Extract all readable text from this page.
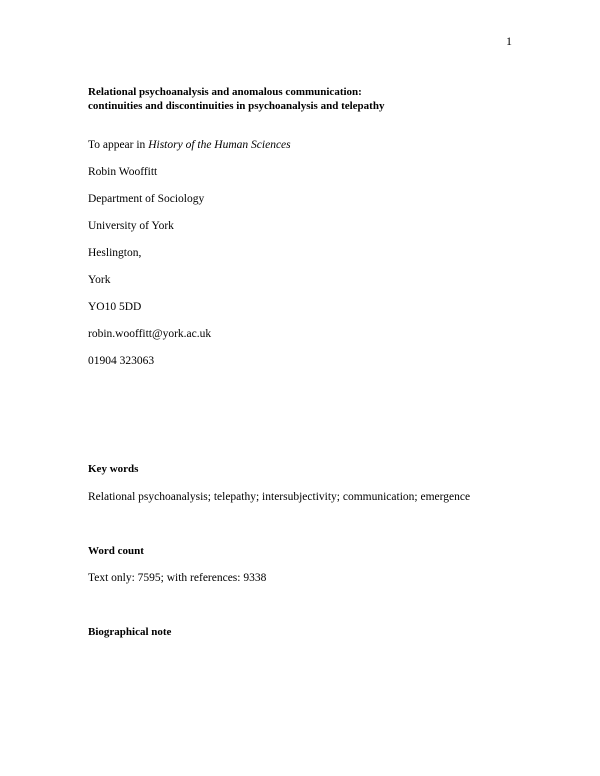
1
Relational psychoanalysis and anomalous communication:
continuities and discontinuities in psychoanalysis and telepathy
To appear in History of the Human Sciences
Robin Wooffitt
Department of Sociology
University of York
Heslington,
York
YO10 5DD
robin.wooffitt@york.ac.uk
01904 323063
Key words
Relational psychoanalysis; telepathy; intersubjectivity; communication; emergence
Word count
Text only: 7595; with references: 9338
Biographical note
